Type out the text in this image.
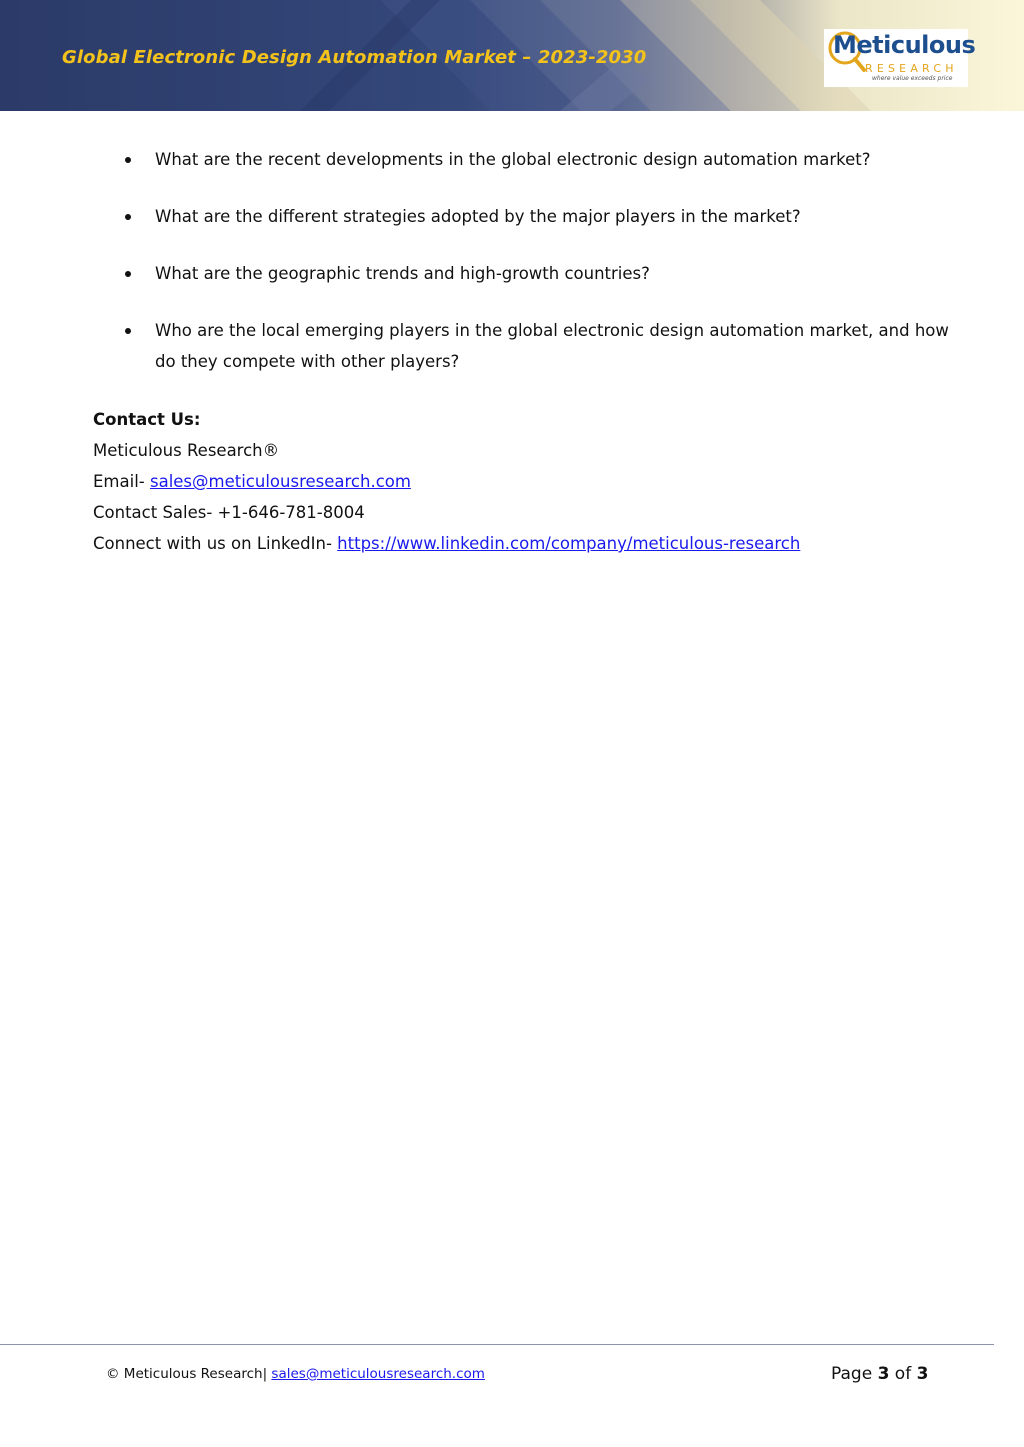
Global Electronic Design Automation Market – 2023-2030	Meticulous
RESEARCH
where value exceeds price
What are the recent developments in the global electronic design automation market?
What are the different strategies adopted by the major players in the market?
What are the geographic trends and high-growth countries?
Who are the local emerging players in the global electronic design automation market, and how do they compete with other players?
Contact Us:
Meticulous Research®
Email- sales@meticulousresearch.com
Contact Sales- +1-646-781-8004
Connect with us on LinkedIn- https://www.linkedin.com/company/meticulous-research
© Meticulous Research| sales@meticulousresearch.com	Page 3 of 3
